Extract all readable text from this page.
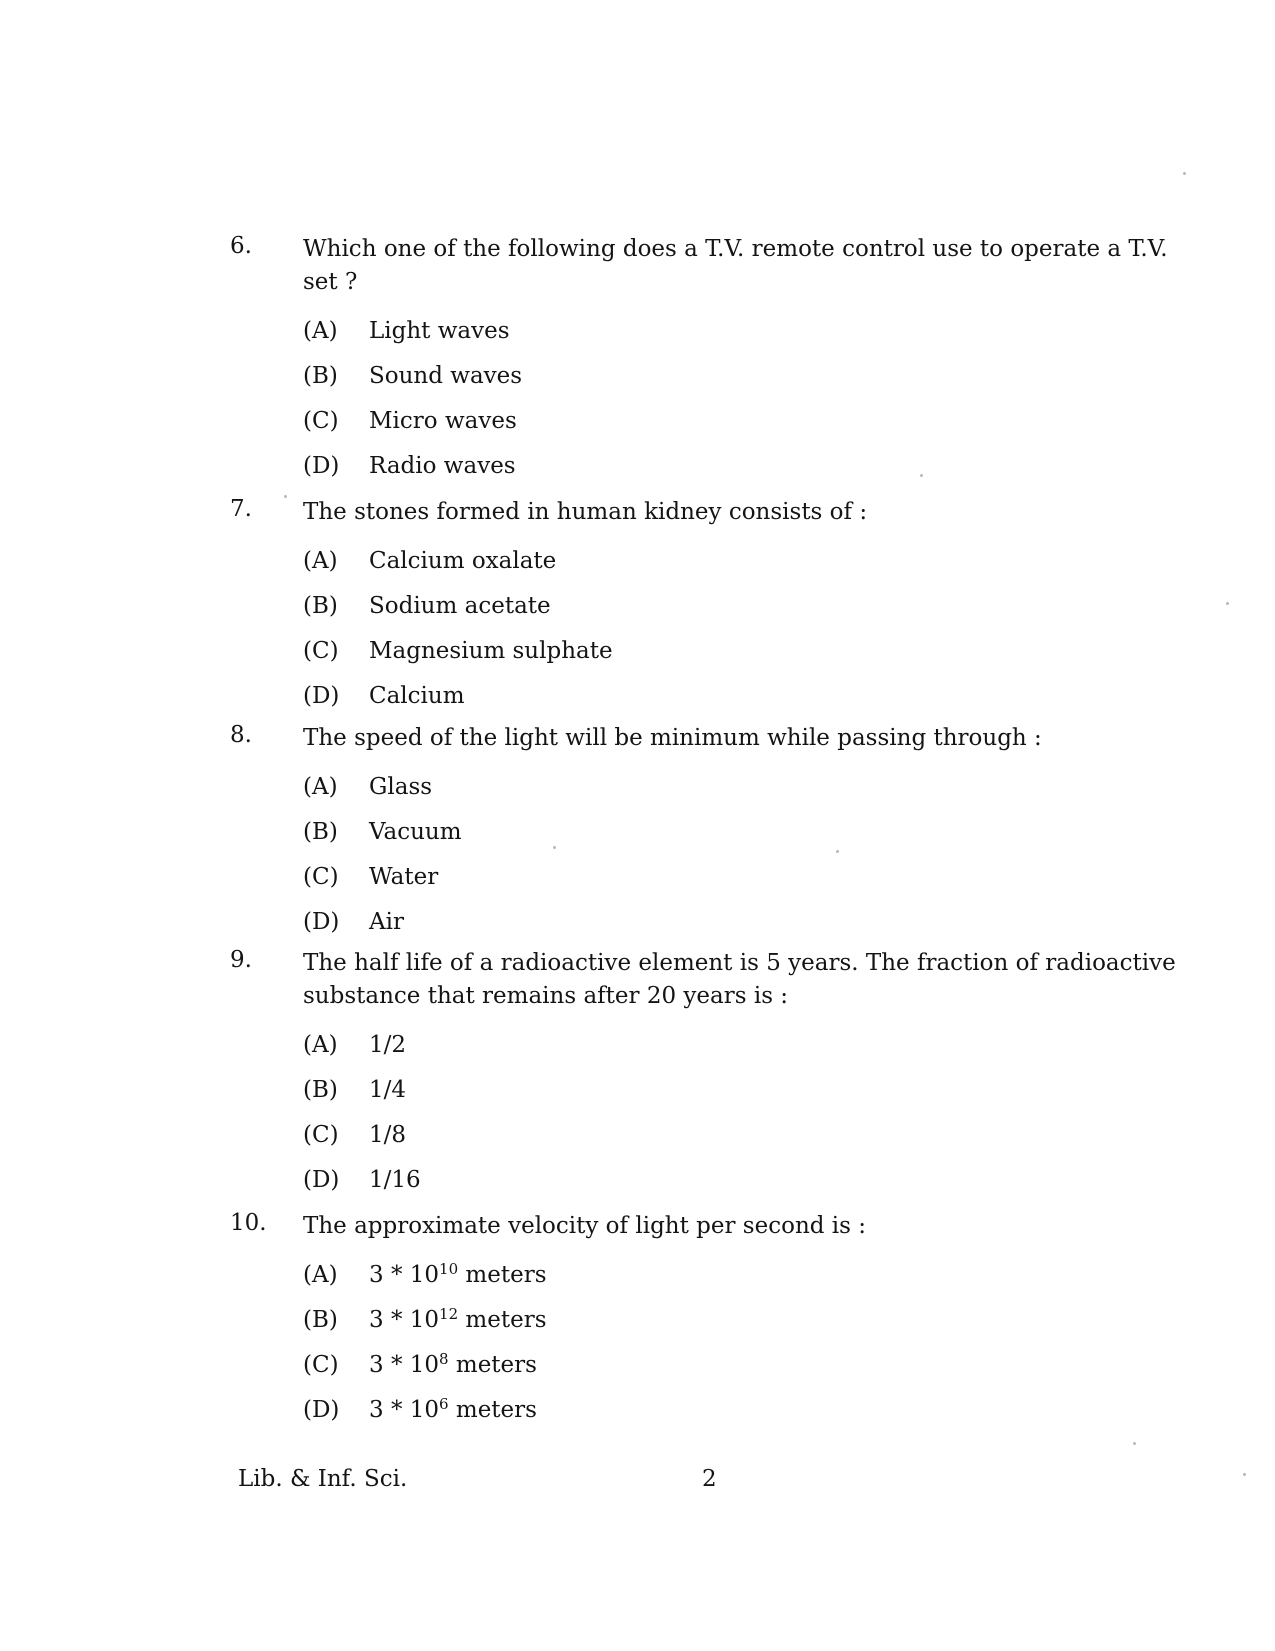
6.	Which one of the following does a T.V. remote control use to operate a T.V. set ?
(A)	Light waves
(B)	Sound waves
(C)	Micro waves
(D)	Radio waves
7.	The stones formed in human kidney consists of :
(A)	Calcium oxalate
(B)	Sodium acetate
(C)	Magnesium sulphate
(D)	Calcium
8.	The speed of the light will be minimum while passing through :
(A)	Glass
(B)	Vacuum
(C)	Water
(D)	Air
9.	The half life of a radioactive element is 5 years. The fraction of radioactive substance that remains after 20 years is :
(A)	1/2
(B)	1/4
(C)	1/8
(D)	1/16
10.	The approximate velocity of light per second is :
(A)	$3 * 10^{10}$ meters
(B)	$3 * 10^{12}$ meters
(C)	$3 * 10^8$ meters
(D)	$3 * 10^6$ meters
Lib. & Inf. Sci.	2
